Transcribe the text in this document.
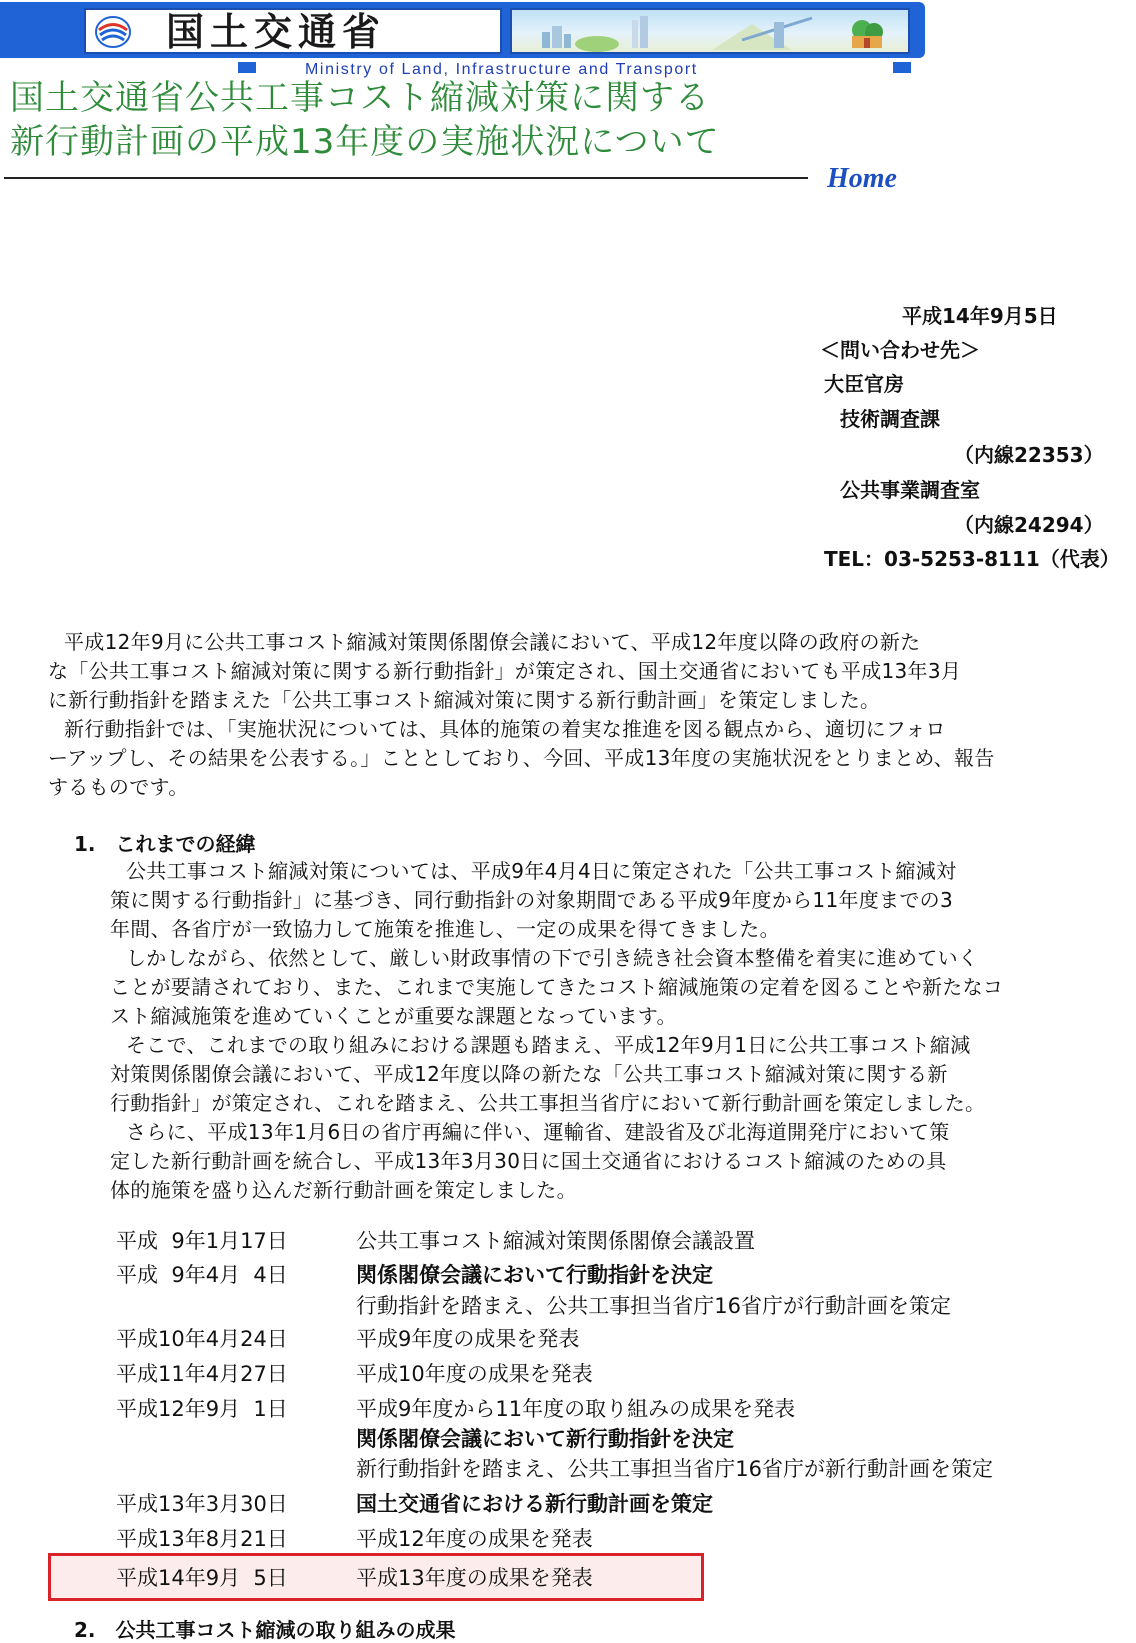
国土交通省
Ministry of Land, Infrastructure and Transport
国土交通省公共工事コスト縮減対策に関する
新行動計画の平成13年度の実施状況について
Home
平成14年9月5日
＜問い合わせ先＞
大臣官房
技術調査課
（内線22353）
公共事業調査室
（内線24294）
TEL：03-5253-8111（代表）
平成12年9月に公共工事コスト縮減対策関係閣僚会議において、平成12年度以降の政府の新た
な「公共工事コスト縮減対策に関する新行動指針」が策定され、国土交通省においても平成13年3月
に新行動指針を踏まえた「公共工事コスト縮減対策に関する新行動計画」を策定しました。
新行動指針では、「実施状況については、具体的施策の着実な推進を図る観点から、適切にフォロ
ーアップし、その結果を公表する。」こととしており、今回、平成13年度の実施状況をとりまとめ、報告
するものです。
1.　これまでの経緯
公共工事コスト縮減対策については、平成9年4月4日に策定された「公共工事コスト縮減対
策に関する行動指針」に基づき、同行動指針の対象期間である平成9年度から11年度までの3
年間、各省庁が一致協力して施策を推進し、一定の成果を得てきました。
しかしながら、依然として、厳しい財政事情の下で引き続き社会資本整備を着実に進めていく
ことが要請されており、また、これまで実施してきたコスト縮減施策の定着を図ることや新たなコ
スト縮減施策を進めていくことが重要な課題となっています。
そこで、これまでの取り組みにおける課題も踏まえ、平成12年9月1日に公共工事コスト縮減
対策関係閣僚会議において、平成12年度以降の新たな「公共工事コスト縮減対策に関する新
行動指針」が策定され、これを踏まえ、公共工事担当省庁において新行動計画を策定しました。
さらに、平成13年1月6日の省庁再編に伴い、運輸省、建設省及び北海道開発庁において策
定した新行動計画を統合し、平成13年3月30日に国土交通省におけるコスト縮減のための具
体的施策を盛り込んだ新行動計画を策定しました。
平成  9年1月17日	公共工事コスト縮減対策関係閣僚会議設置
平成  9年4月  4日	関係閣僚会議において行動指針を決定
行動指針を踏まえ、公共工事担当省庁16省庁が行動計画を策定
平成10年4月24日	平成9年度の成果を発表
平成11年4月27日	平成10年度の成果を発表
平成12年9月  1日	平成9年度から11年度の取り組みの成果を発表
関係閣僚会議において新行動指針を決定
新行動指針を踏まえ、公共工事担当省庁16省庁が新行動計画を策定
平成13年3月30日	国土交通省における新行動計画を策定
平成13年8月21日	平成12年度の成果を発表
平成14年9月  5日	平成13年度の成果を発表
2.　公共工事コスト縮減の取り組みの成果
